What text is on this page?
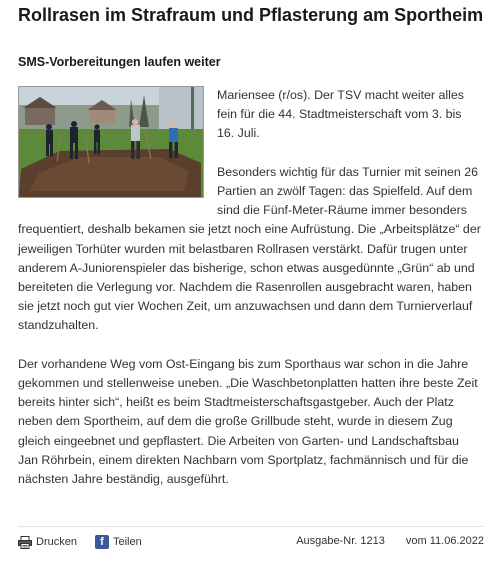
Rollrasen im Strafraum und Pflasterung am Sportheim
SMS-Vorbereitungen laufen weiter

Mariensee (r/os). Der TSV macht weiter alles fein für die 44. Stadtmeisterschaft vom 3. bis 16. Juli.

Besonders wichtig für das Turnier mit seinen 26 Partien an zwölf Tagen: das Spielfeld. Auf dem sind die Fünf-Meter-Räume immer besonders frequentiert, deshalb bekamen sie jetzt noch eine Aufrüstung. Die „Arbeitsplätze“ der jeweiligen Torhüter wurden mit belastbaren Rollrasen verstärkt. Dafür trugen unter anderem A-Juniorenspieler das bisherige, schon etwas ausgedünnte „Grün“ ab und bereiteten die Verlegung vor. Nachdem die Rasenrollen ausgebracht waren, haben sie jetzt noch gut vier Wochen Zeit, um anzuwachsen und dann dem Turnierverlauf standzuhalten.

Der vorhandene Weg vom Ost-Eingang bis zum Sporthaus war schon in die Jahre gekommen und stellenweise uneben. „Die Waschbetonplatten hatten ihre beste Zeit bereits hinter sich“, heißt es beim Stadtmeisterschaftsgastgeber. Auch der Platz neben dem Sportheim, auf dem die große Grillbude steht, wurde in diesem Zug gleich eingeebnet und gepflastert. Die Arbeiten von Garten- und Landschaftsbau Jan Röhrbein, einem direkten Nachbarn vom Sportplatz, fachmännisch und für die nächsten Jahre beständig, ausgeführt.

Drucken	f Teilen	Ausgabe-Nr. 1213 vom 11.06.2022
